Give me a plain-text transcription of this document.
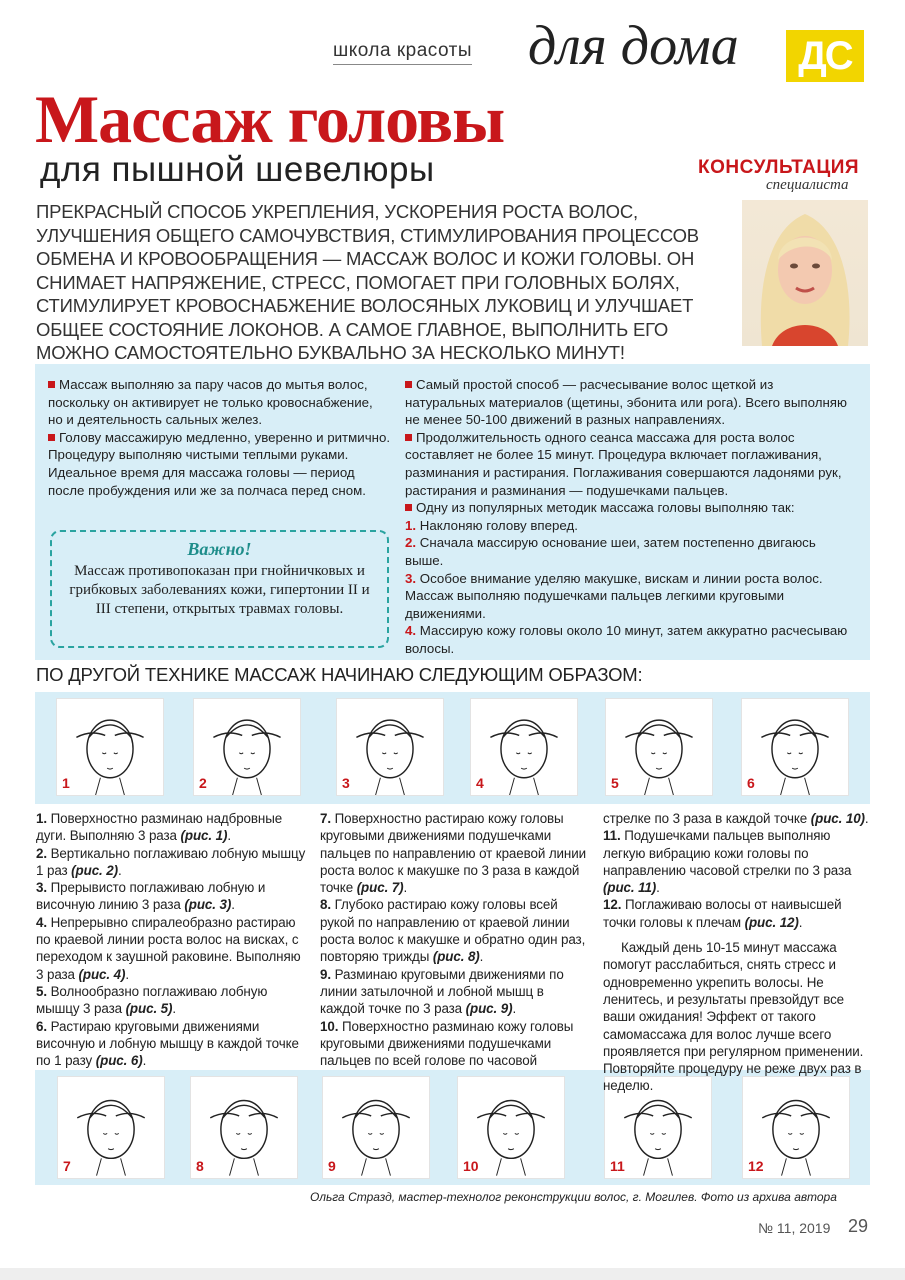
школа красоты для дома	ДС
Массаж головы
для пышной шевелюры	КОНСУЛЬТАЦИЯ
специалиста
ПРЕКРАСНЫЙ СПОСОБ УКРЕПЛЕНИЯ, УСКОРЕНИЯ РОСТА ВОЛОС, УЛУЧШЕНИЯ ОБЩЕГО САМОЧУВСТВИЯ, СТИМУЛИРОВАНИЯ ПРОЦЕССОВ ОБМЕНА И КРОВООБРАЩЕНИЯ — МАССАЖ ВОЛОС И КОЖИ ГОЛОВЫ. ОН СНИМАЕТ НАПРЯЖЕНИЕ, СТРЕСС, ПОМОГАЕТ ПРИ ГОЛОВНЫХ БОЛЯХ, СТИМУЛИРУЕТ КРОВОСНАБЖЕНИЕ ВОЛОСЯНЫХ ЛУКОВИЦ И УЛУЧШАЕТ ОБЩЕЕ СОСТОЯНИЕ ЛОКОНОВ. А САМОЕ ГЛАВНОЕ, ВЫПОЛНИТЬ ЕГО МОЖНО САМОСТОЯТЕЛЬНО БУКВАЛЬНО ЗА НЕСКОЛЬКО МИНУТ!

Массаж выполняю за пару часов до мытья волос, поскольку он активирует не только кровоснабжение, но и деятельность сальных желез.

Голову массажирую медленно, уверенно и ритмично. Процедуру выполняю чистыми теплыми руками. Идеальное время для массажа головы — период после пробуждения или же за полчаса перед сном.

Важно!
Массаж противопоказан при гнойничковых и грибковых заболеваниях кожи, гипертонии II и III степени, открытых травмах головы.

Самый простой способ — расчесывание волос щеткой из натуральных материалов (щетины, эбонита или рога). Всего выполняю не менее 50-100 движений в разных направлениях.

Продолжительность одного сеанса массажа для роста волос составляет не более 15 минут. Процедура включает поглаживания, разминания и растирания. Поглаживания совершаются ладонями рук, растирания и разминания — подушечками пальцев.

Одну из популярных методик массажа головы выполняю так:

1. Наклоняю голову вперед.

2. Сначала массирую основание шеи, затем постепенно двигаюсь выше.

3. Особое внимание уделяю макушке, вискам и линии роста волос. Массаж выполняю подушечками пальцев легкими круговыми движениями.

4. Массирую кожу головы около 10 минут, затем аккуратно расчесываю волосы.

ПО ДРУГОЙ ТЕХНИКЕ МАССАЖ НАЧИНАЮ СЛЕДУЮЩИМ ОБРАЗОМ:
1	2	3	4	5	6
7	8	9	10	11	12

1. Поверхностно разминаю надбровные дуги. Выполняю 3 раза (рис. 1).

2. Вертикально поглаживаю лобную мышцу 1 раз (рис. 2).

3. Прерывисто поглаживаю лобную и височную линию 3 раза (рис. 3).

4. Непрерывно спиралеобразно растираю по краевой линии роста волос на висках, с переходом к заушной раковине. Выполняю 3 раза (рис. 4).

5. Волнообразно поглаживаю лобную мышцу 3 раза (рис. 5).

6. Растираю круговыми движениями височную и лобную мышцу в каждой точке по 1 разу (рис. 6).

7. Поверхностно растираю кожу головы круговыми движениями подушечками пальцев по направлению от краевой линии роста волос к макушке по 3 раза в каждой точке (рис. 7).

8. Глубоко растираю кожу головы всей рукой по направлению от краевой линии роста волос к макушке и обратно один раз, повторяю трижды (рис. 8).

9. Разминаю круговыми движениями по линии затылочной и лобной мышц в каждой точке по 3 раза (рис. 9).

10. Поверхностно разминаю кожу головы круговыми движениями подушечками пальцев по всей голове по часовой

стрелке по 3 раза в каждой точке (рис. 10).

11. Подушечками пальцев выполняю легкую вибрацию кожи головы по направлению часовой стрелки по 3 раза (рис. 11).

12. Поглаживаю волосы от наивысшей точки головы к плечам (рис. 12).

Каждый день 10-15 минут массажа помогут расслабиться, снять стресс и одновременно укрепить волосы. Не ленитесь, и результаты превзойдут все ваши ожидания! Эффект от такого самомассажа для волос лучше всего проявляется при регулярном применении. Повторяйте процедуру не реже двух раз в неделю.

Ольга Стразд, мастер-технолог реконструкции волос, г. Могилев. Фото из архива автора
№ 11, 2019 29
